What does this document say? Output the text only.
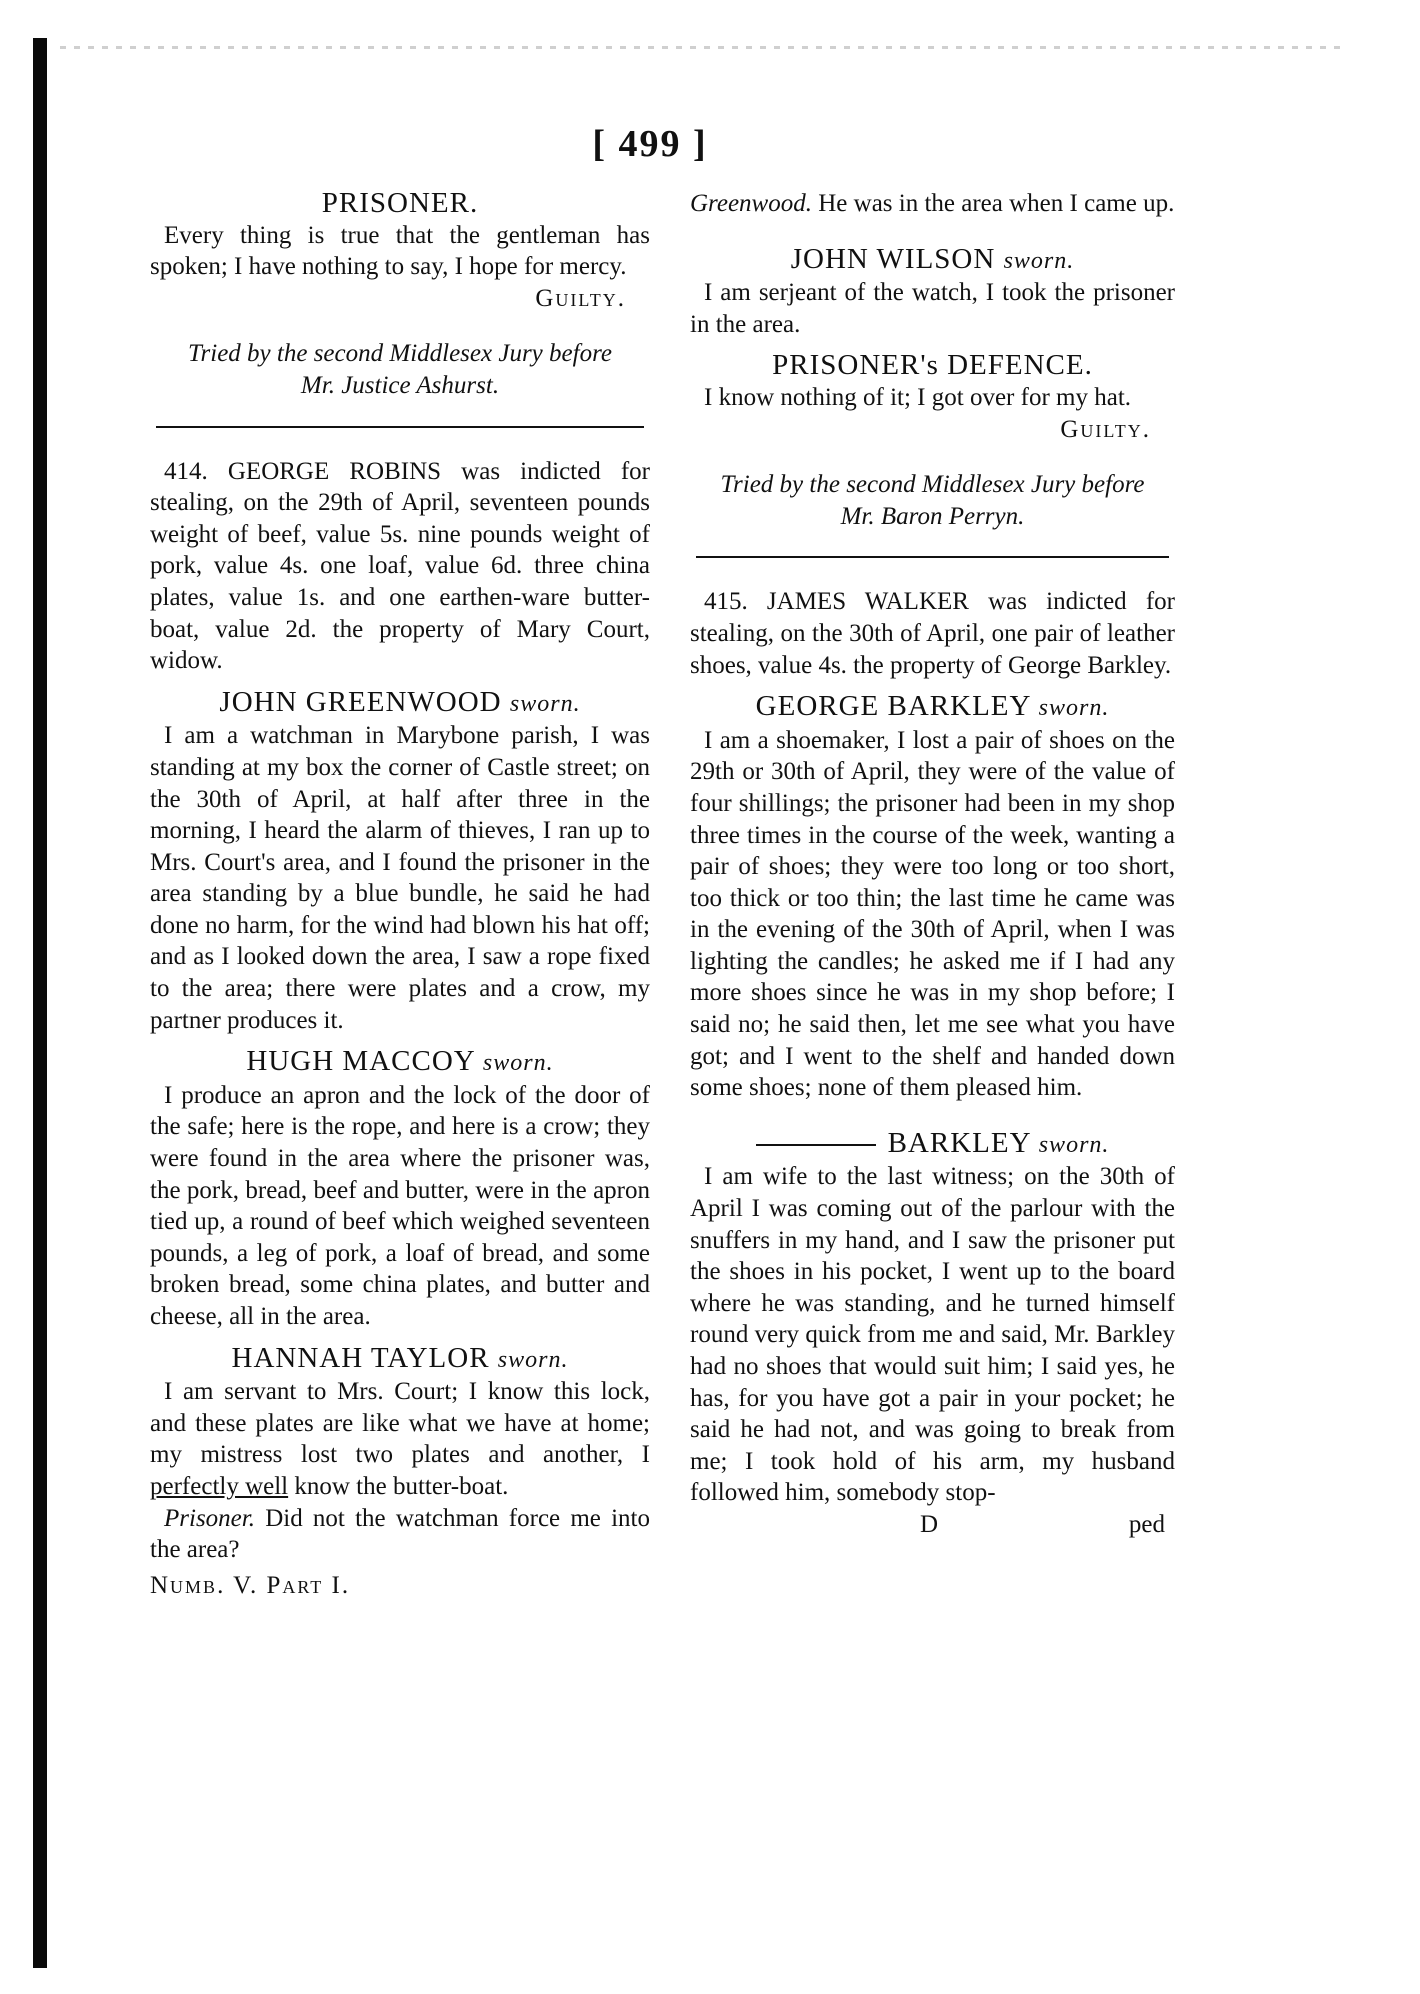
[ 499 ]
PRISONER.

Every thing is true that the gentleman has spoken; I have nothing to say, I hope for mercy.

Guilty.
Tried by the second Middlesex Jury before
Mr. Justice Ashurst.

414. GEORGE ROBINS was indicted for stealing, on the 29th of April, seventeen pounds weight of beef, value 5s. nine pounds weight of pork, value 4s. one loaf, value 6d. three china plates, value 1s. and one earthen-ware butter-boat, value 2d. the property of Mary Court, widow.

JOHN GREENWOOD sworn.

I am a watchman in Marybone parish, I was standing at my box the corner of Castle street; on the 30th of April, at half after three in the morning, I heard the alarm of thieves, I ran up to Mrs. Court's area, and I found the prisoner in the area standing by a blue bundle, he said he had done no harm, for the wind had blown his hat off; and as I looked down the area, I saw a rope fixed to the area; there were plates and a crow, my partner produces it.

HUGH MACCOY sworn.

I produce an apron and the lock of the door of the safe; here is the rope, and here is a crow; they were found in the area where the prisoner was, the pork, bread, beef and butter, were in the apron tied up, a round of beef which weighed seventeen pounds, a leg of pork, a loaf of bread, and some broken bread, some china plates, and butter and cheese, all in the area.

HANNAH TAYLOR sworn.

I am servant to Mrs. Court; I know this lock, and these plates are like what we have at home; my mistress lost two plates and another, I perfectly well know the butter-boat.

Prisoner. Did not the watchman force me into the area?

Numb. V. Part I.

Greenwood. He was in the area when I came up.

JOHN WILSON sworn.

I am serjeant of the watch, I took the prisoner in the area.

PRISONER's DEFENCE.

I know nothing of it; I got over for my hat.

Guilty.
Tried by the second Middlesex Jury before
Mr. Baron Perryn.

415. JAMES WALKER was indicted for stealing, on the 30th of April, one pair of leather shoes, value 4s. the property of George Barkley.

GEORGE BARKLEY sworn.

I am a shoemaker, I lost a pair of shoes on the 29th or 30th of April, they were of the value of four shillings; the prisoner had been in my shop three times in the course of the week, wanting a pair of shoes; they were too long or too short, too thick or too thin; the last time he came was in the evening of the 30th of April, when I was lighting the candles; he asked me if I had any more shoes since he was in my shop before; I said no; he said then, let me see what you have got; and I went to the shelf and handed down some shoes; none of them pleased him.

BARKLEY sworn.

I am wife to the last witness; on the 30th of April I was coming out of the parlour with the snuffers in my hand, and I saw the prisoner put the shoes in his pocket, I went up to the board where he was standing, and he turned himself round very quick from me and said, Mr. Barkley had no shoes that would suit him; I said yes, he has, for you have got a pair in your pocket; he said he had not, and was going to break from me; I took hold of his arm, my husband followed him, somebody stop-

D	ped
